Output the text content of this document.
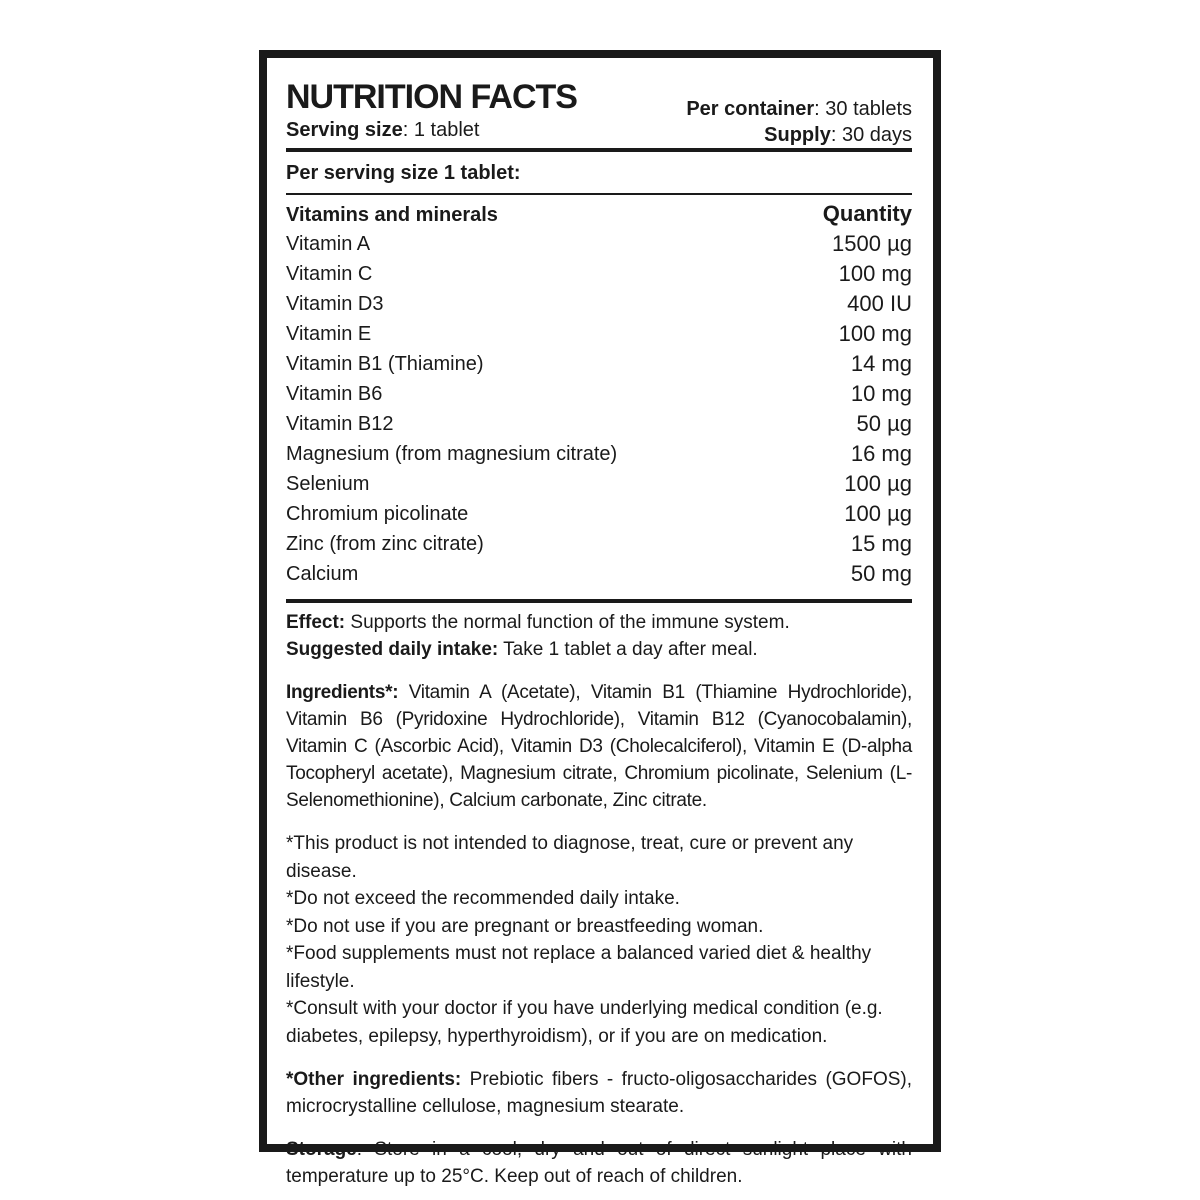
NUTRITION FACTS
Serving size: 1 tablet
Per container: 30 tablets
Supply: 30 days
Per serving size 1 tablet:
Vitamins and minerals	Quantity
Vitamin A	1500 µg
Vitamin C	100 mg
Vitamin D3	400 IU
Vitamin E	100 mg
Vitamin B1 (Thiamine)	14 mg
Vitamin B6	10 mg
Vitamin B12	50 µg
Magnesium (from magnesium citrate)	16 mg
Selenium	100 µg
Chromium picolinate	100 µg
Zinc (from zinc citrate)	15 mg
Calcium	50 mg
Effect: Supports the normal function of the immune system.
Suggested daily intake: Take 1 tablet a day after meal.
Ingredients*: Vitamin A (Acetate), Vitamin B1 (Thiamine Hydrochloride), Vitamin B6 (Pyridoxine Hydrochloride), Vitamin B12 (Cyanocobalamin), Vitamin C (Ascorbic Acid), Vitamin D3 (Cholecalciferol), Vitamin E (D-alpha Tocopheryl acetate), Magnesium citrate, Chromium picolinate, Selenium (L-Selenomethionine), Calcium carbonate, Zinc citrate.
*This product is not intended to diagnose, treat, cure or prevent any disease.
*Do not exceed the recommended daily intake.
*Do not use if you are pregnant or breastfeeding woman.
*Food supplements must not replace a balanced varied diet & healthy lifestyle.
*Consult with your doctor if you have underlying medical condition (e.g. diabetes, epilepsy, hyperthyroidism), or if you are on medication.
*Other ingredients: Prebiotic fibers - fructo-oligosaccharides (GOFOS), microcrystalline cellulose, magnesium stearate.
Storage: Store in a cool, dry and out of direct sunlight place with temperature up to 25°C. Keep out of reach of children.
